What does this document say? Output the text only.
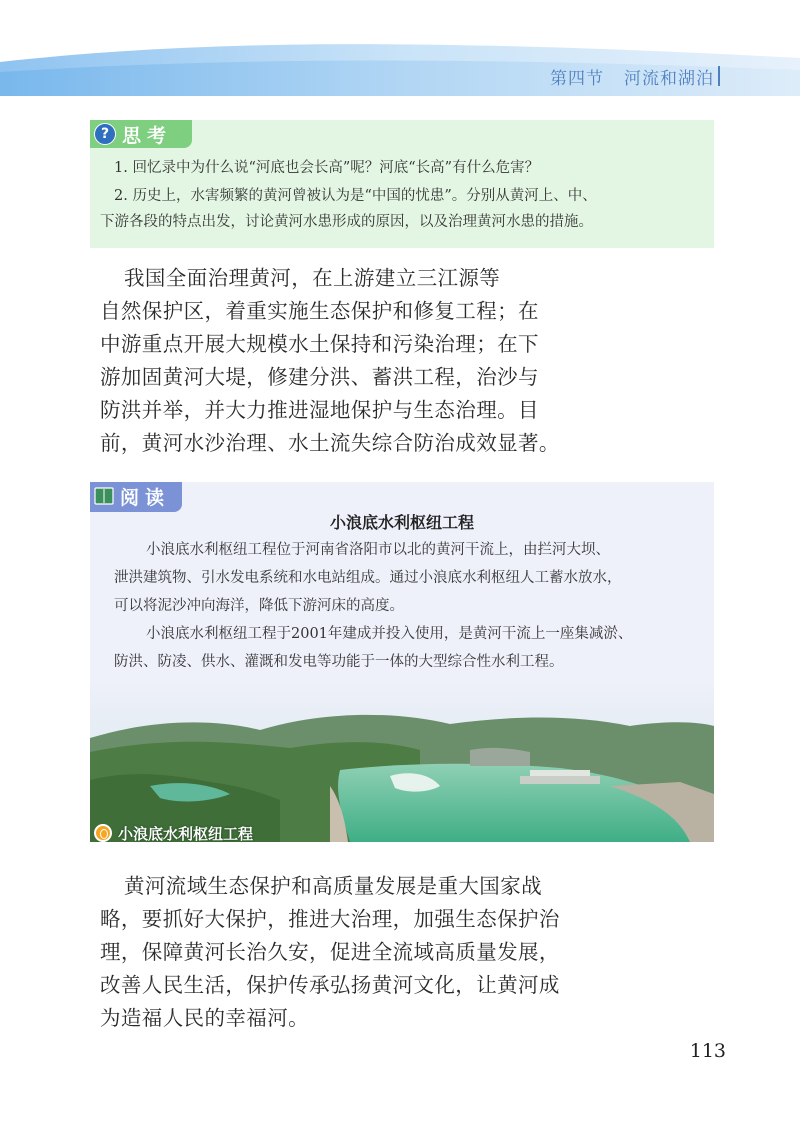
第四节 河流和湖泊
? 思考
1. 回忆录中为什么说“河底也会长高”呢？河底“长高”有什么危害？
2. 历史上，水害频繁的黄河曾被认为是“中国的忧患”。分别从黄河上、中、
下游各段的特点出发，讨论黄河水患形成的原因，以及治理黄河水患的措施。

我国全面治理黄河，在上游建立三江源等

自然保护区，着重实施生态保护和修复工程；在

中游重点开展大规模水土保持和污染治理；在下

游加固黄河大堤，修建分洪、蓄洪工程，治沙与

防洪并举，并大力推进湿地保护与生态治理。目

前，黄河水沙治理、水土流失综合防治成效显著。

阅读
小浪底水利枢纽工程
小浪底水利枢纽工程位于河南省洛阳市以北的黄河干流上，由拦河大坝、
泄洪建筑物、引水发电系统和水电站组成。通过小浪底水利枢纽人工蓄水放水，
可以将泥沙冲向海洋，降低下游河床的高度。
小浪底水利枢纽工程于2001年建成并投入使用，是黄河干流上一座集减淤、
防洪、防凌、供水、灌溉和发电等功能于一体的大型综合性水利工程。
小浪底水利枢纽工程

黄河流域生态保护和高质量发展是重大国家战

略，要抓好大保护，推进大治理，加强生态保护治

理，保障黄河长治久安，促进全流域高质量发展，

改善人民生活，保护传承弘扬黄河文化，让黄河成

为造福人民的幸福河。

113
